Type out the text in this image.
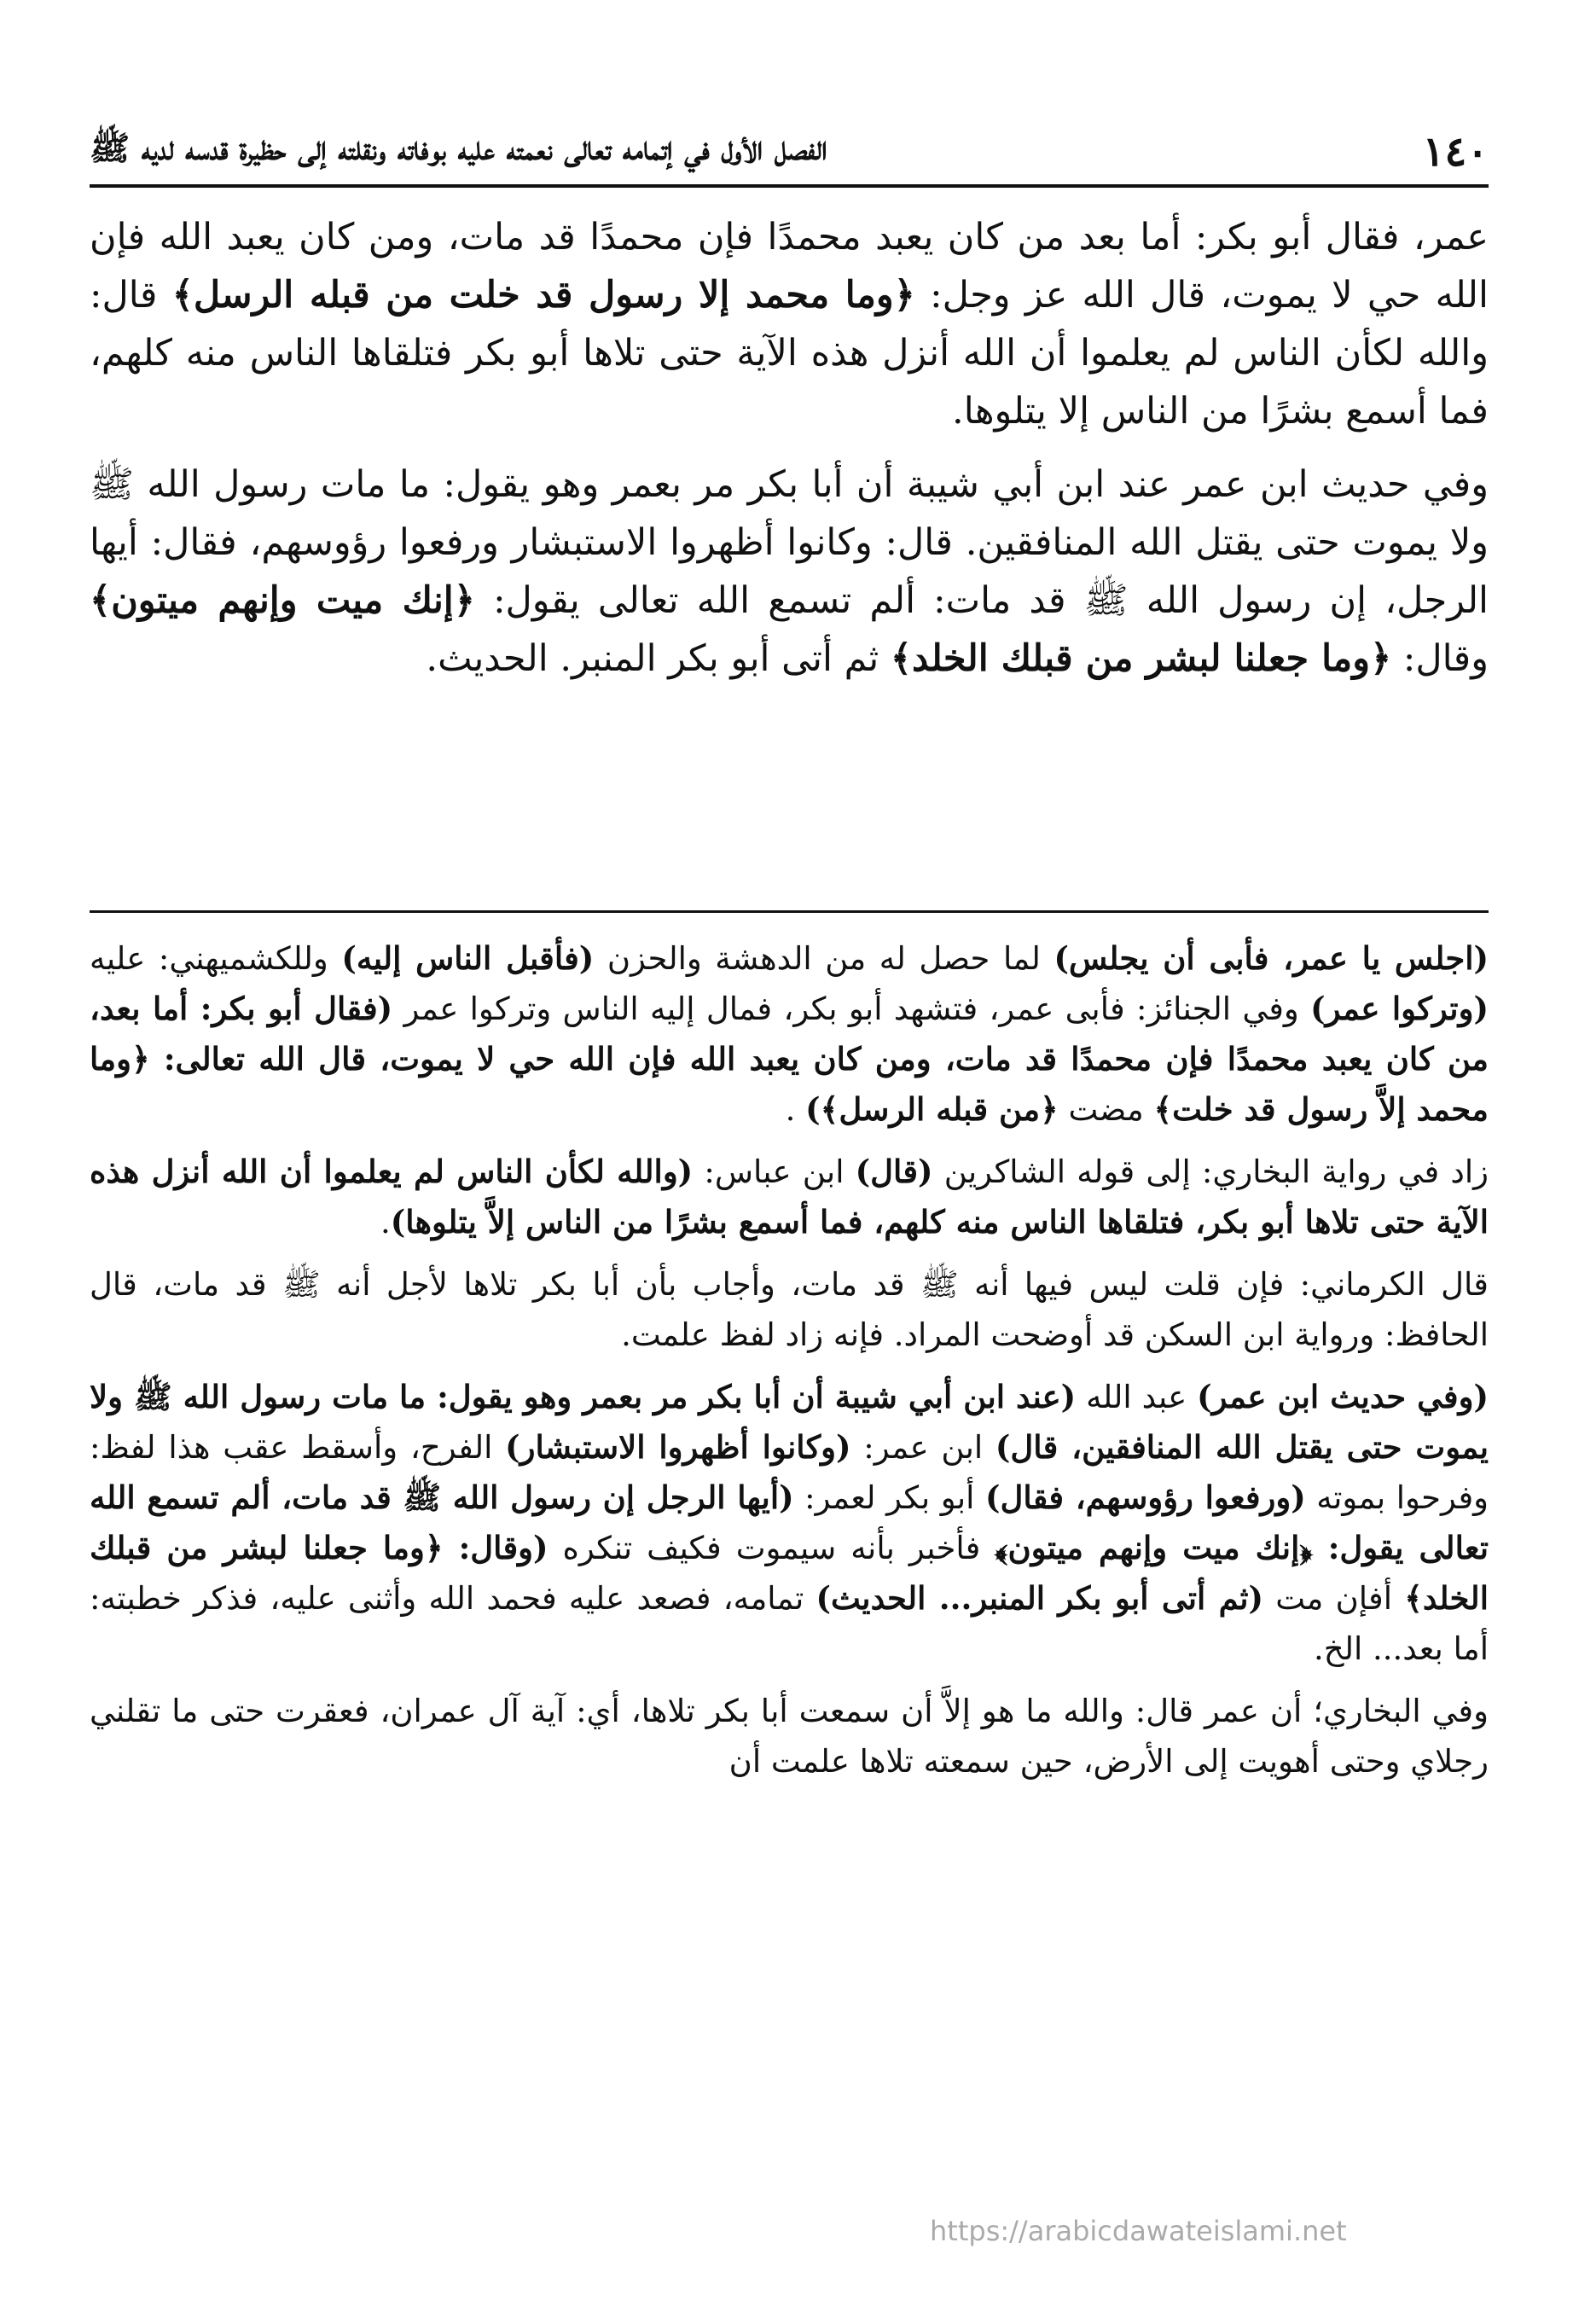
١٤٠
الفصل الأول في إتمامه تعالى نعمته عليه بوفاته ونقلته إلى حظيرة قدسه لديه ﷺ

عمر، فقال أبو بكر: أما بعد من كان يعبد محمدًا فإن محمدًا قد مات، ومن كان يعبد الله فإن الله حي لا يموت، قال الله عز وجل: ﴿وما محمد إلا رسول قد خلت من قبله الرسل﴾ قال: والله لكأن الناس لم يعلموا أن الله أنزل هذه الآية حتى تلاها أبو بكر فتلقاها الناس منه كلهم، فما أسمع بشرًا من الناس إلا يتلوها.

وفي حديث ابن عمر عند ابن أبي شيبة أن أبا بكر مر بعمر وهو يقول: ما مات رسول الله ﷺ ولا يموت حتى يقتل الله المنافقين. قال: وكانوا أظهروا الاستبشار ورفعوا رؤوسهم، فقال: أيها الرجل، إن رسول الله ﷺ قد مات: ألم تسمع الله تعالى يقول: ﴿إنك ميت وإنهم ميتون﴾ وقال: ﴿وما جعلنا لبشر من قبلك الخلد﴾ ثم أتى أبو بكر المنبر. الحديث.

(اجلس يا عمر، فأبى أن يجلس) لما حصل له من الدهشة والحزن (فأقبل الناس إليه) وللكشميهني: عليه (وتركوا عمر) وفي الجنائز: فأبى عمر، فتشهد أبو بكر، فمال إليه الناس وتركوا عمر (فقال أبو بكر: أما بعد، من كان يعبد محمدًا فإن محمدًا قد مات، ومن كان يعبد الله فإن الله حي لا يموت، قال الله تعالى: ﴿وما محمد إلاَّ رسول قد خلت﴾ مضت ﴿من قبله الرسل﴾) .

زاد في رواية البخاري: إلى قوله الشاكرين (قال) ابن عباس: (والله لكأن الناس لم يعلموا أن الله أنزل هذه الآية حتى تلاها أبو بكر، فتلقاها الناس منه كلهم، فما أسمع بشرًا من الناس إلاَّ يتلوها).

قال الكرماني: فإن قلت ليس فيها أنه ﷺ قد مات، وأجاب بأن أبا بكر تلاها لأجل أنه ﷺ قد مات، قال الحافظ: ورواية ابن السكن قد أوضحت المراد. فإنه زاد لفظ علمت.

(وفي حديث ابن عمر) عبد الله (عند ابن أبي شيبة أن أبا بكر مر بعمر وهو يقول: ما مات رسول الله ﷺ ولا يموت حتى يقتل الله المنافقين، قال) ابن عمر: (وكانوا أظهروا الاستبشار) الفرح، وأسقط عقب هذا لفظ: وفرحوا بموته (ورفعوا رؤوسهم، فقال) أبو بكر لعمر: (أيها الرجل إن رسول الله ﷺ قد مات، ألم تسمع الله تعالى يقول: ﴿إنك ميت وإنهم ميتون﴾ فأخبر بأنه سيموت فكيف تنكره (وقال: ﴿وما جعلنا لبشر من قبلك الخلد﴾ أفإن مت (ثم أتى أبو بكر المنبر... الحديث) تمامه، فصعد عليه فحمد الله وأثنى عليه، فذكر خطبته: أما بعد... الخ.

وفي البخاري؛ أن عمر قال: والله ما هو إلاَّ أن سمعت أبا بكر تلاها، أي: آية آل عمران، فعقرت حتى ما تقلني رجلاي وحتى أهويت إلى الأرض، حين سمعته تلاها علمت أن

https://arabicdawateislami.net
